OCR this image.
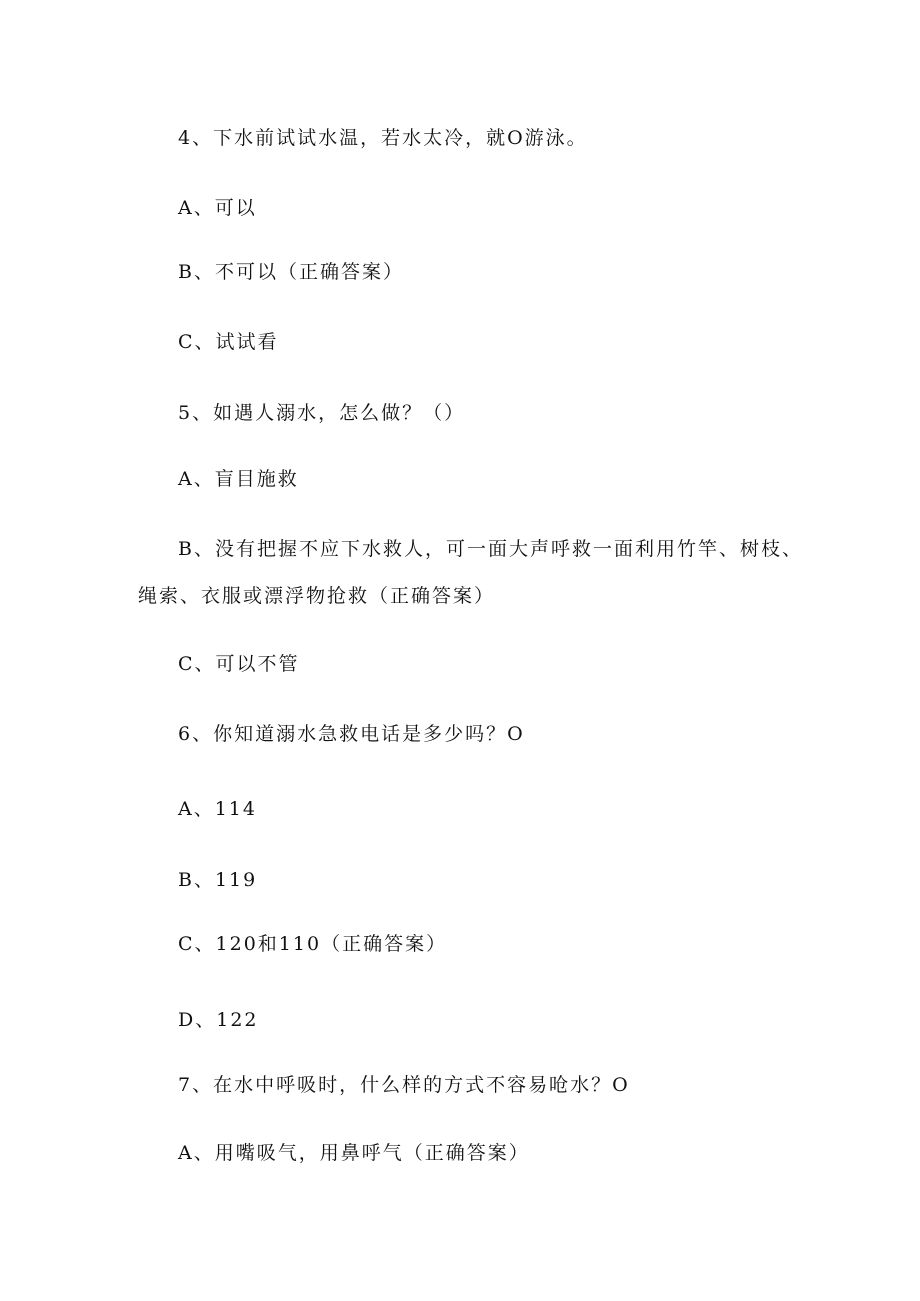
4、下水前试试水温，若水太冷，就O游泳。
A、可以
B、不可以（正确答案）
C、试试看
5、如遇人溺水，怎么做？（）
A、盲目施救
B、没有把握不应下水救人，可一面大声呼救一面利用竹竿、树枝、
绳索、衣服或漂浮物抢救（正确答案）
C、可以不管
6、你知道溺水急救电话是多少吗？O
A、114
B、119
C、120和110（正确答案）
D、122
7、在水中呼吸时，什么样的方式不容易呛水？O
A、用嘴吸气，用鼻呼气（正确答案）
